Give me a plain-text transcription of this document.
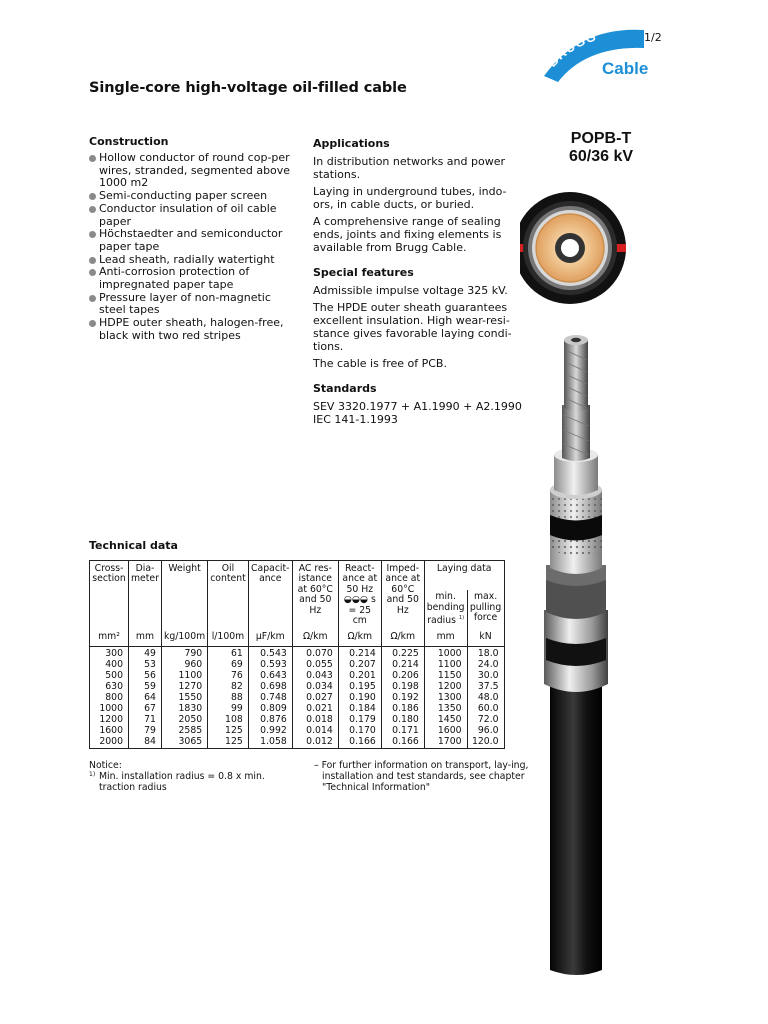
1/2
BRUGG
Cable
Single-core high-voltage oil-filled cable
Construction
Hollow conductor of round cop-per wires, stranded, segmented above 1000 m2
Semi-conducting paper screen
Conductor insulation of oil cable paper
Höchstaedter and semiconductor paper tape
Lead sheath, radially watertight
Anti-corrosion protection of impregnated paper tape
Pressure layer of non-magnetic steel tapes
HDPE outer sheath, halogen-free, black with two red stripes
Applications

In distribution networks and power stations.

Laying in underground tubes, indo-ors, in cable ducts, or buried.

A comprehensive range of sealing ends, joints and fixing elements is available from Brugg Cable.

Special features

Admissible impulse voltage 325 kV.

The HPDE outer sheath guarantees excellent insulation. High wear-resi-stance gives favorable laying condi-tions.

The cable is free of PCB.

Standards
SEV 3320.1977 + A1.1990 + A2.1990
IEC 141-1.1993
POPB-T
60/36 kV
Technical data
Cross-section	Dia-meter	Weight	Oil content	Capacit-ance	AC res-istance at 60°C and 50 Hz	React-ance at 50 Hz ◒◒◒ s = 25 cm	Imped-ance at 60°C and 50 Hz	Laying data	
								min. bending radius $^{1)}$	max. pulling force
mm²	mm	kg/100m	l/100m	µF/km	Ω/km	Ω/km	Ω/km	mm	kN
300	49	790	61	0.543	0.070	0.214	0.225	1000	18.0
400	53	960	69	0.593	0.055	0.207	0.214	1100	24.0
500	56	1100	76	0.643	0.043	0.201	0.206	1150	30.0
630	59	1270	82	0.698	0.034	0.195	0.198	1200	37.5
800	64	1550	88	0.748	0.027	0.190	0.192	1300	48.0
1000	67	1830	99	0.809	0.021	0.184	0.186	1350	60.0
1200	71	2050	108	0.876	0.018	0.179	0.180	1450	72.0
1600	79	2585	125	0.992	0.014	0.170	0.171	1600	96.0
2000	84	3065	125	1.058	0.012	0.166	0.166	1700	120.0
Notice:
1) Min. installation radius = 0.8 x min. traction radius
– For further information on transport, lay-ing, installation and test standards, see chapter "Technical Information"
